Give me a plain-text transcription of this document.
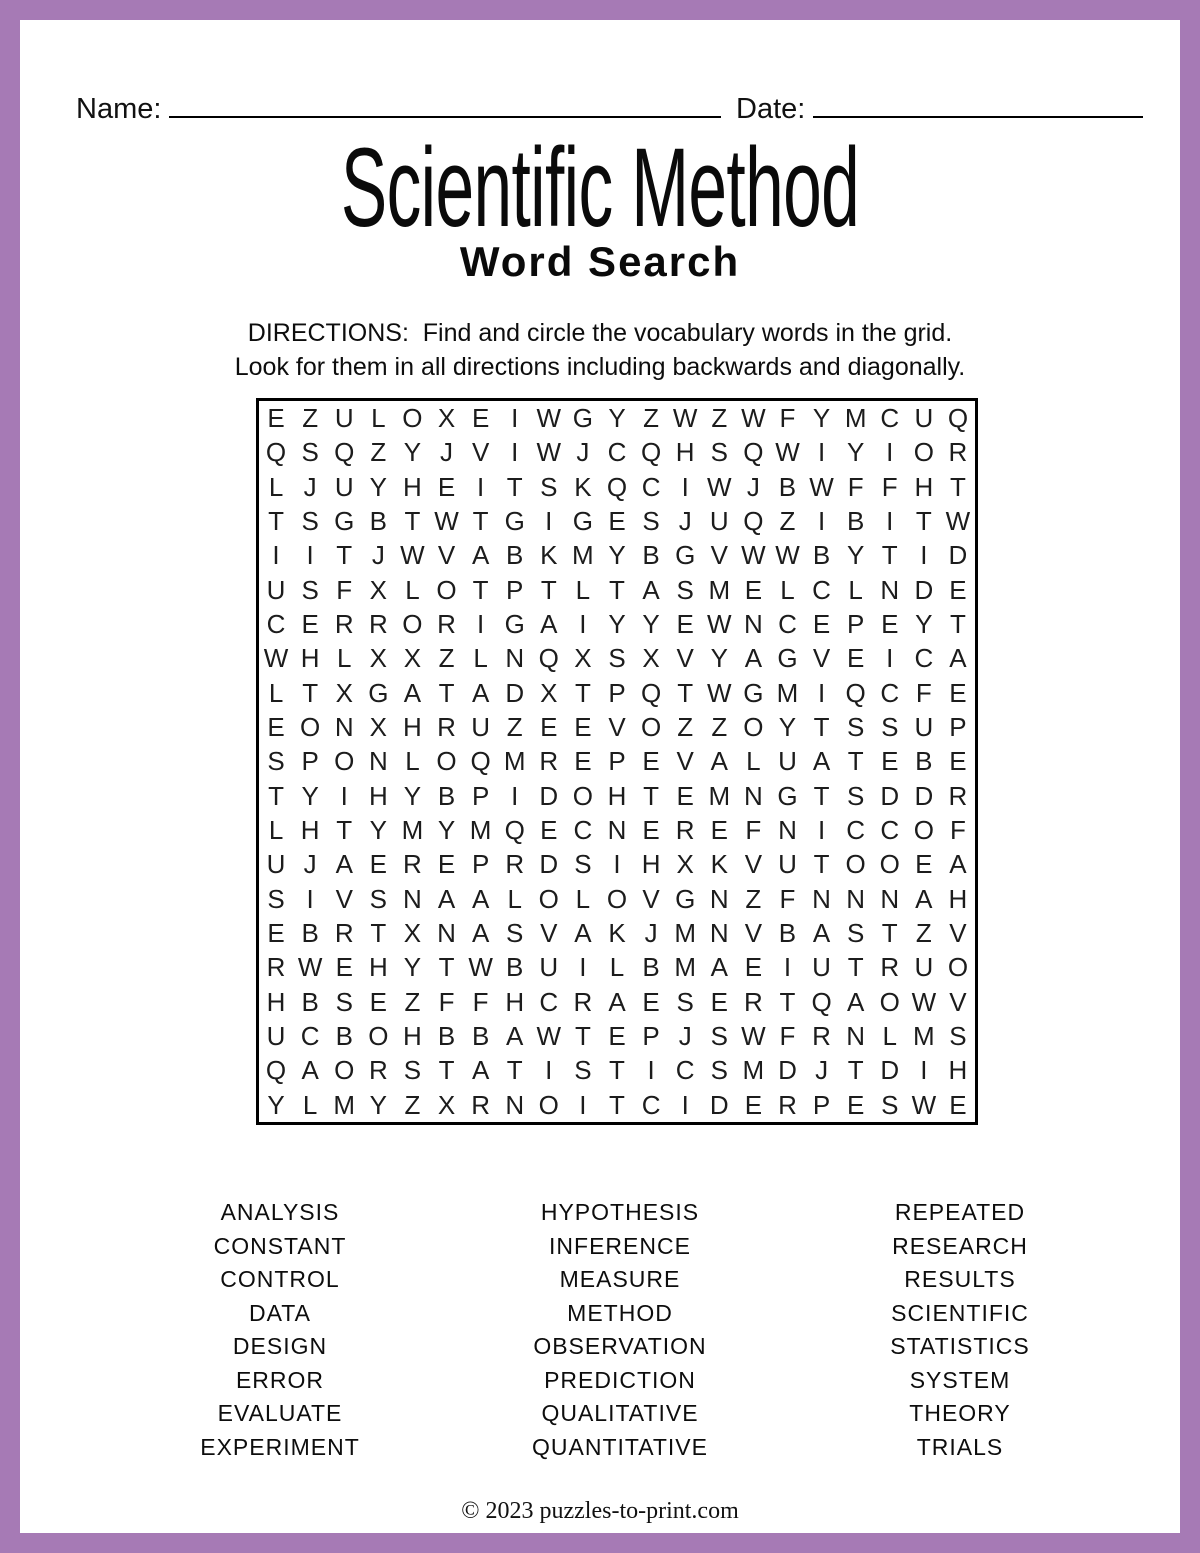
Name:	Date:
Scientific Method
Word Search

DIRECTIONS:  Find and circle the vocabulary words in the grid.
Look for them in all directions including backwards and diagonally.

E Z U L O X E I W G Y Z W Z W F Y M C U Q
Q S Q Z Y J V I W J C Q H S Q W I Y I O R
L J U Y H E I T S K Q C I W J B W F F H T
T S G B T W T G I G E S J U Q Z I B I T W
I	I T J W V A B K M Y B G V W W B Y T I D
U S F X L O T P T L T A S M E L C L N D E
C E R R O R I G A I Y Y E W N C E P E Y T
W H L X X Z L N Q X S X V Y A G V E I C A
L T X G A T A D X T P Q T W G M I Q C F E
E O N X H R U Z E E V O Z Z O Y T S S U P
S P O N L O Q M R E P E V A L U A T E B E
T Y I H Y B P I D O H T E M N G T S D D R
L H T Y M Y M Q E C N E R E F N I C C O F
U J A E R E P R D S I H X K V U T O O E A
S I V S N A A L O L O V G N Z F N N N A H
E B R T X N A S V A K J M N V B A S T Z V
R W E H Y T W B U I L B M A E I U T R U O
H B S E Z F F H C R A E S E R T Q A O W V
U C B O H B B A W T E P J S W F R N L M S
Q A O R S T A T I S T I C S M D J T D I H
Y L M Y Z X R N O I T C I D E R P E S W E
ANALYSIS
CONSTANT
CONTROL
DATA
DESIGN
ERROR
EVALUATE
EXPERIMENT
HYPOTHESIS
INFERENCE
MEASURE
METHOD
OBSERVATION
PREDICTION
QUALITATIVE
QUANTITATIVE
REPEATED
RESEARCH
RESULTS
SCIENTIFIC
STATISTICS
SYSTEM
THEORY
TRIALS
© 2023 puzzles-to-print.com
